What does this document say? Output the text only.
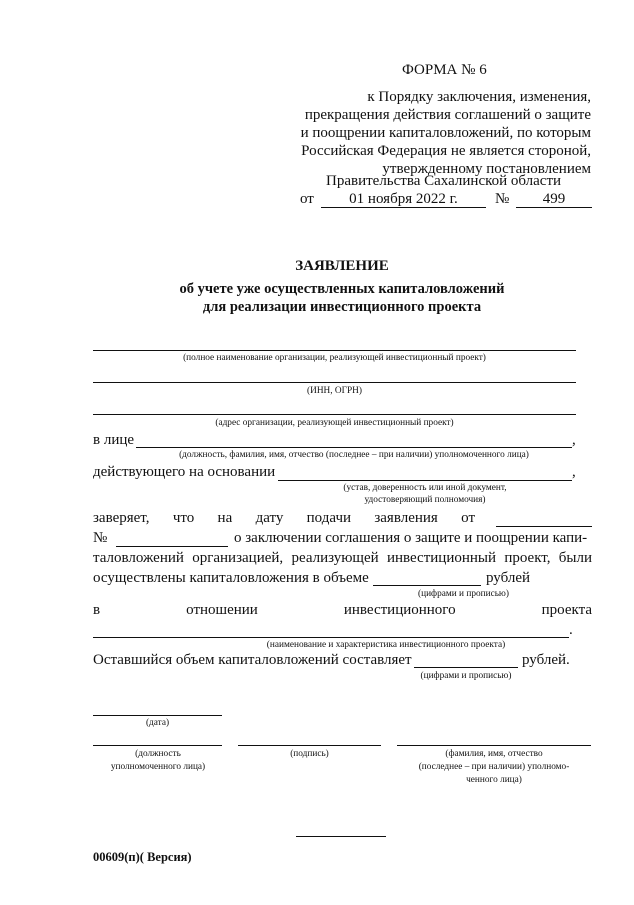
ФОРМА № 6
к Порядку заключения, изменения,
прекращения действия соглашений о защите
и поощрении капиталовложений, по которым
Российская Федерация не является стороной,
утвержденному постановлением
Правительства Сахалинской области
от	01 ноября 2022 г.	№	499
ЗАЯВЛЕНИЕ
об учете уже осуществленных капиталовложений
для реализации инвестиционного проекта
(полное наименование организации, реализующей инвестиционный проект)
(ИНН, ОГРН)
(адрес организации, реализующей инвестиционный проект)
в лице	,
(должность, фамилия, имя, отчество (последнее – при наличии) уполномоченного лица)
действующего на основании	,
(устав, доверенность или иной документ,
удостоверяющий полномочия)
заверяет, что на дату подачи заявления от
№	о заключении соглашения о защите и поощрении капи-
таловложений организацией, реализующей инвестиционный проект, были
осуществлены капиталовложения в объеме	рублей
(цифрами и прописью)
в	отношении	инвестиционного	проекта
.
(наименование и характеристика инвестиционного проекта)
Оставшийся объем капиталовложений составляет	рублей.
(цифрами и прописью)
(дата)
(должность
уполномоченного лица)
(подпись)	(фамилия, имя, отчество
(последнее – при наличии) уполномо-
ченного лица)
00609(п)( Версия)
